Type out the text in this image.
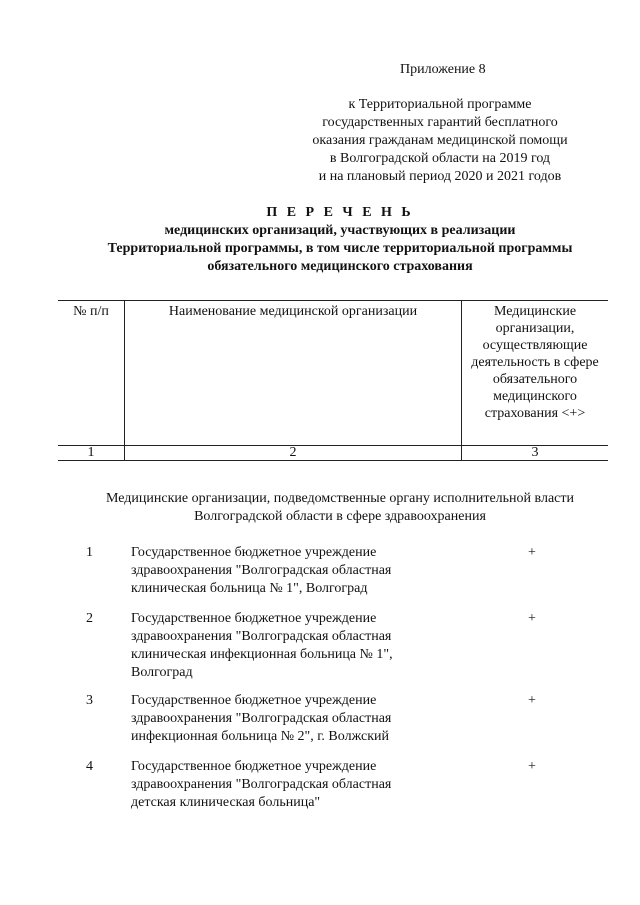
Приложение 8
к Территориальной программе
государственных гарантий бесплатного
оказания гражданам медицинской помощи
в Волгоградской области на 2019 год
и на плановый период 2020 и 2021 годов
П Е Р Е Ч Е Н Ь
медицинских организаций, участвующих в реализации
Территориальной программы, в том числе территориальной программы
обязательного медицинского страхования
№ п/п	Наименование медицинской организации	Медицинские организации, осуществляющие деятельность в сфере обязательного медицинского страхования <+>
1	2	3
Медицинские организации, подведомственные органу исполнительной власти
Волгоградской области в сфере здравоохранения
1	Государственное бюджетное учреждение
здравоохранения "Волгоградская областная
клиническая больница № 1", Волгоград
+
2	Государственное бюджетное учреждение
здравоохранения "Волгоградская областная
клиническая инфекционная больница № 1",
Волгоград
+
3	Государственное бюджетное учреждение
здравоохранения "Волгоградская областная
инфекционная больница № 2", г. Волжский
+
4	Государственное бюджетное учреждение
здравоохранения "Волгоградская областная
детская клиническая больница"
+
